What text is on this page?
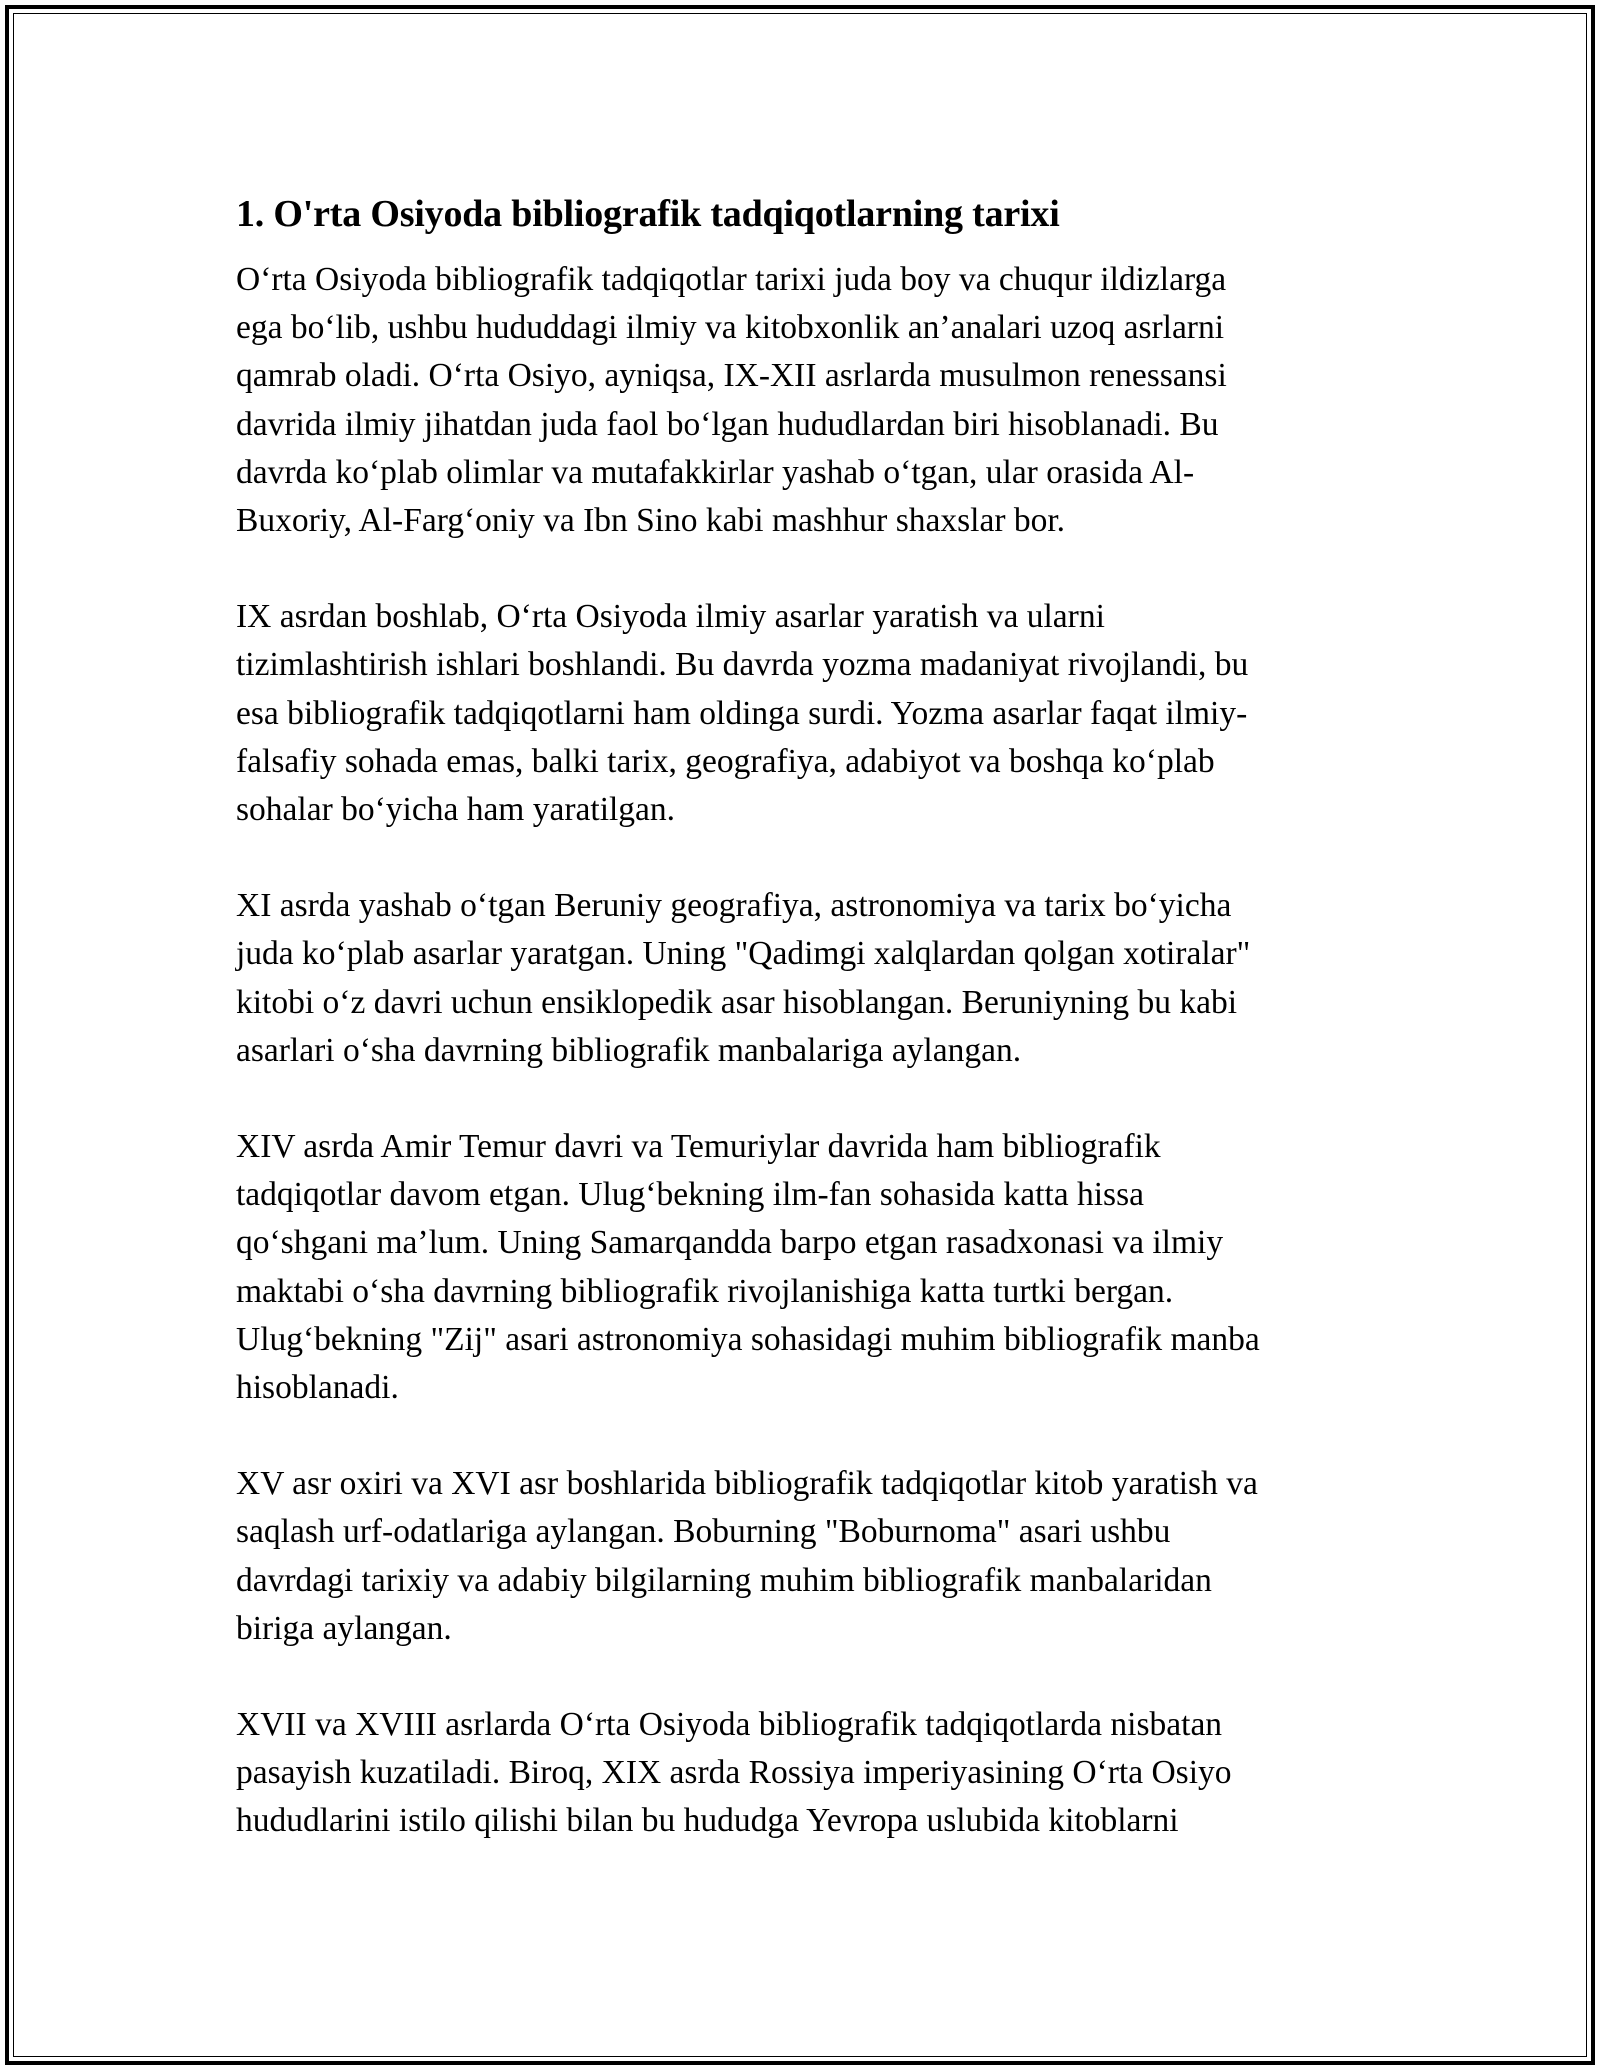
1. O'rta Osiyoda bibliografik tadqiqotlarning tarixi

O‘rta Osiyoda bibliografik tadqiqotlar tarixi juda boy va chuqur ildizlarga
ega bo‘lib, ushbu hududdagi ilmiy va kitobxonlik an’analari uzoq asrlarni
qamrab oladi. O‘rta Osiyo, ayniqsa, IX-XII asrlarda musulmon renessansi
davrida ilmiy jihatdan juda faol bo‘lgan hududlardan biri hisoblanadi. Bu
davrda ko‘plab olimlar va mutafakkirlar yashab o‘tgan, ular orasida Al-
Buxoriy, Al-Farg‘oniy va Ibn Sino kabi mashhur shaxslar bor.

IX asrdan boshlab, O‘rta Osiyoda ilmiy asarlar yaratish va ularni
tizimlashtirish ishlari boshlandi. Bu davrda yozma madaniyat rivojlandi, bu
esa bibliografik tadqiqotlarni ham oldinga surdi. Yozma asarlar faqat ilmiy-
falsafiy sohada emas, balki tarix, geografiya, adabiyot va boshqa ko‘plab
sohalar bo‘yicha ham yaratilgan.

XI asrda yashab o‘tgan Beruniy geografiya, astronomiya va tarix bo‘yicha
juda ko‘plab asarlar yaratgan. Uning "Qadimgi xalqlardan qolgan xotiralar"
kitobi o‘z davri uchun ensiklopedik asar hisoblangan. Beruniyning bu kabi
asarlari o‘sha davrning bibliografik manbalariga aylangan.

XIV asrda Amir Temur davri va Temuriylar davrida ham bibliografik
tadqiqotlar davom etgan. Ulug‘bekning ilm-fan sohasida katta hissa
qo‘shgani ma’lum. Uning Samarqandda barpo etgan rasadxonasi va ilmiy
maktabi o‘sha davrning bibliografik rivojlanishiga katta turtki bergan.
Ulug‘bekning "Zij" asari astronomiya sohasidagi muhim bibliografik manba
hisoblanadi.

XV asr oxiri va XVI asr boshlarida bibliografik tadqiqotlar kitob yaratish va
saqlash urf-odatlariga aylangan. Boburning "Boburnoma" asari ushbu
davrdagi tarixiy va adabiy bilgilarning muhim bibliografik manbalaridan
biriga aylangan.

XVII va XVIII asrlarda O‘rta Osiyoda bibliografik tadqiqotlarda nisbatan
pasayish kuzatiladi. Biroq, XIX asrda Rossiya imperiyasining O‘rta Osiyo
hududlarini istilo qilishi bilan bu hududga Yevropa uslubida kitoblarni
